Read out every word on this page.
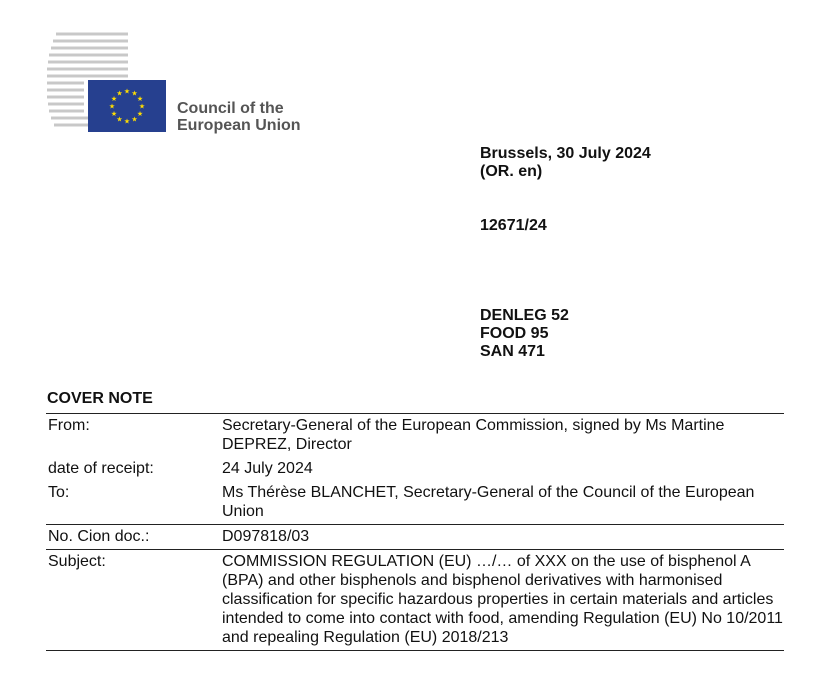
★ ★
★
★
★
★
★
★
★
★
★
★
Council of the
European Union
Brussels, 30 July 2024
(OR. en)
12671/24
DENLEG 52
FOOD 95
SAN 471
COVER NOTE
From:	Secretary-General of the European Commission, signed by Ms Martine DEPREZ, Director
date of receipt:	24 July 2024
To:	Ms Thérèse BLANCHET, Secretary-General of the Council of the European Union
No. Cion doc.:	D097818/03
Subject:	COMMISSION REGULATION (EU) …/… of XXX on the use of bisphenol A (BPA) and other bisphenols and bisphenol derivatives with harmonised classification for specific hazardous properties in certain materials and articles intended to come into contact with food, amending Regulation (EU) No 10/2011 and repealing Regulation (EU) 2018/213
